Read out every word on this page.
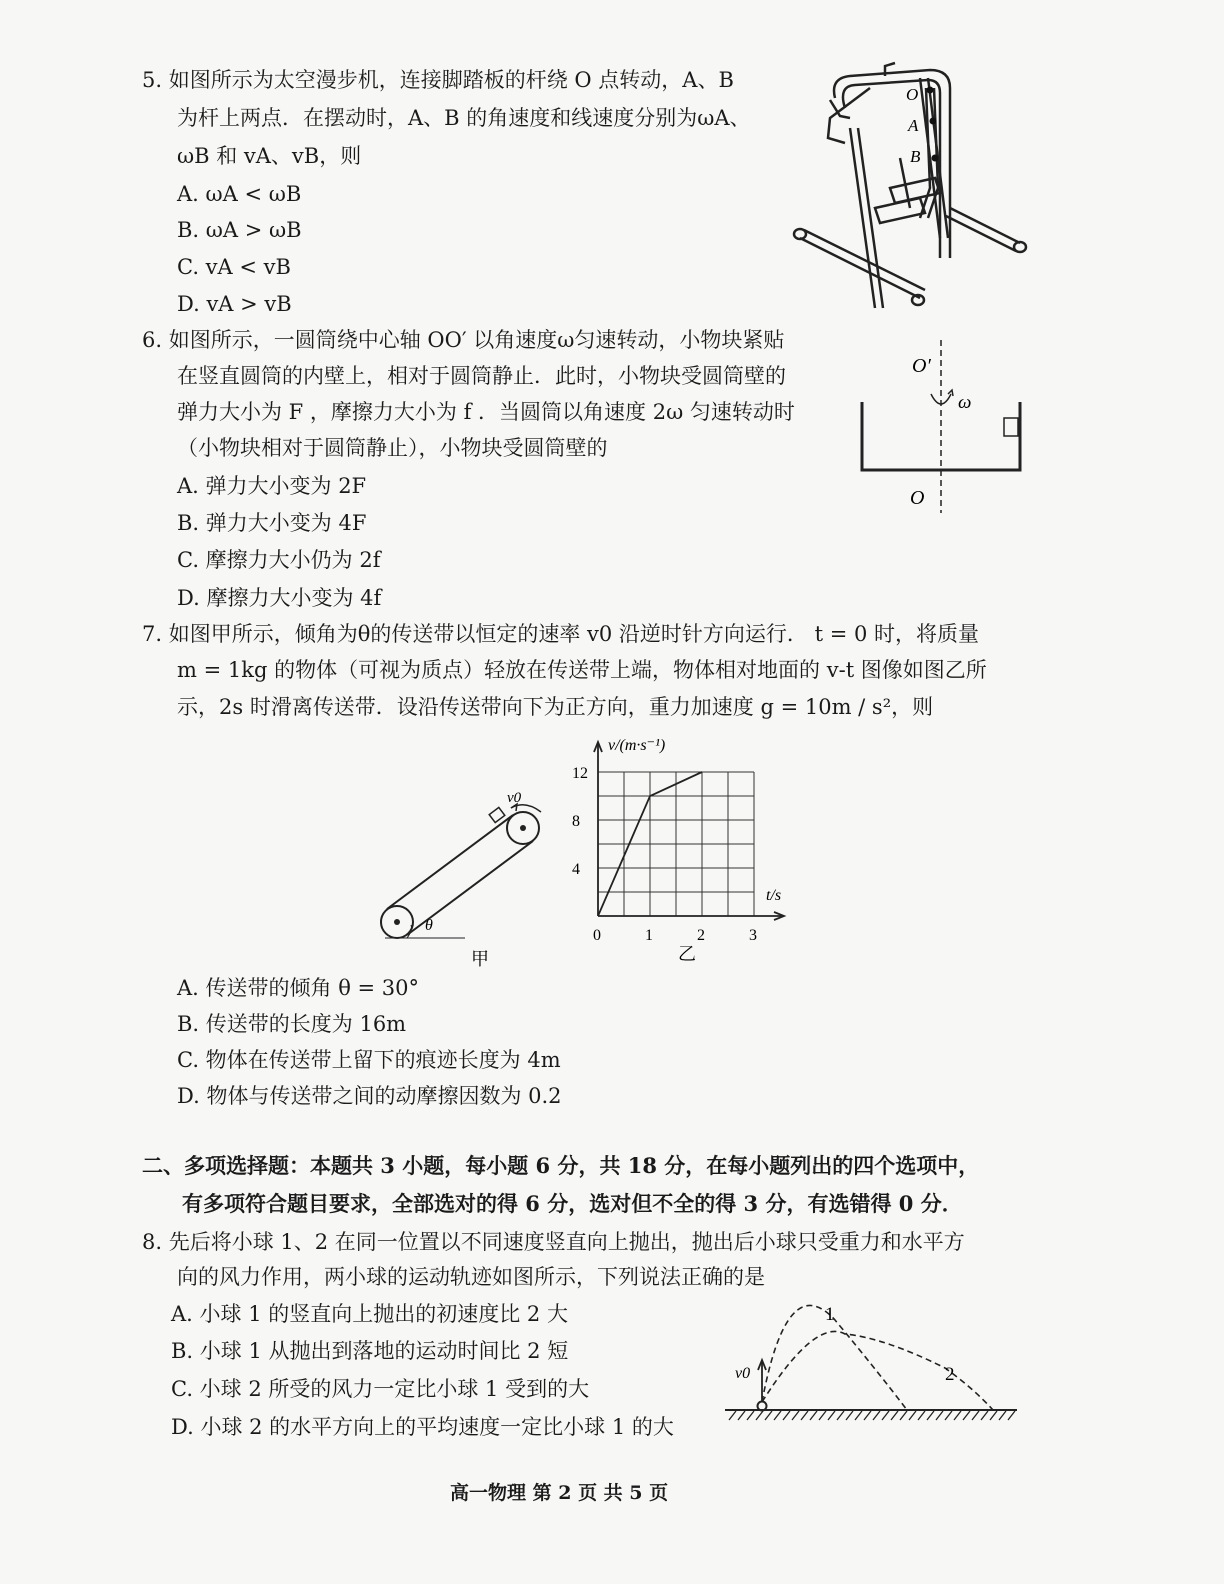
5. 如图所示为太空漫步机，连接脚踏板的杆绕 O 点转动，A、B
为杆上两点．在摆动时，A、B 的角速度和线速度分别为ωA、
ωB 和 vA、vB，则
A. ωA < ωB
B. ωA > ωB
C. vA < vB
D. vA > vB
O
A
B
6. 如图所示，一圆筒绕中心轴 OO′ 以角速度ω匀速转动，小物块紧贴
在竖直圆筒的内壁上，相对于圆筒静止．此时，小物块受圆筒壁的
弹力大小为 F ，摩擦力大小为 f ．当圆筒以角速度 2ω 匀速转动时
（小物块相对于圆筒静止），小物块受圆筒壁的
A. 弹力大小变为 2F
B. 弹力大小变为 4F
C. 摩擦力大小仍为 2f
D. 摩擦力大小变为 4f
O′
ω
O
7. 如图甲所示，倾角为θ的传送带以恒定的速率 v0 沿逆时针方向运行． t = 0 时，将质量
m = 1kg 的物体（可视为质点）轻放在传送带上端，物体相对地面的 v-t 图像如图乙所
示，2s 时滑离传送带．设沿传送带向下为正方向，重力加速度 g = 10m / s²，则
v0
θ
甲
4
8
12
0	1	2	3
v/(m·s⁻¹)
t/s
乙
A. 传送带的倾角 θ = 30°
B. 传送带的长度为 16m
C. 物体在传送带上留下的痕迹长度为 4m
D. 物体与传送带之间的动摩擦因数为 0.2
二、多项选择题：本题共 3 小题，每小题 6 分，共 18 分，在每小题列出的四个选项中，
有多项符合题目要求，全部选对的得 6 分，选对但不全的得 3 分，有选错得 0 分．
8. 先后将小球 1、2 在同一位置以不同速度竖直向上抛出，抛出后小球只受重力和水平方
向的风力作用，两小球的运动轨迹如图所示，下列说法正确的是
A. 小球 1 的竖直向上抛出的初速度比 2 大
B. 小球 1 从抛出到落地的运动时间比 2 短
C. 小球 2 所受的风力一定比小球 1 受到的大
D. 小球 2 的水平方向上的平均速度一定比小球 1 的大
v0
1
2
高一物理 第 2 页 共 5 页
